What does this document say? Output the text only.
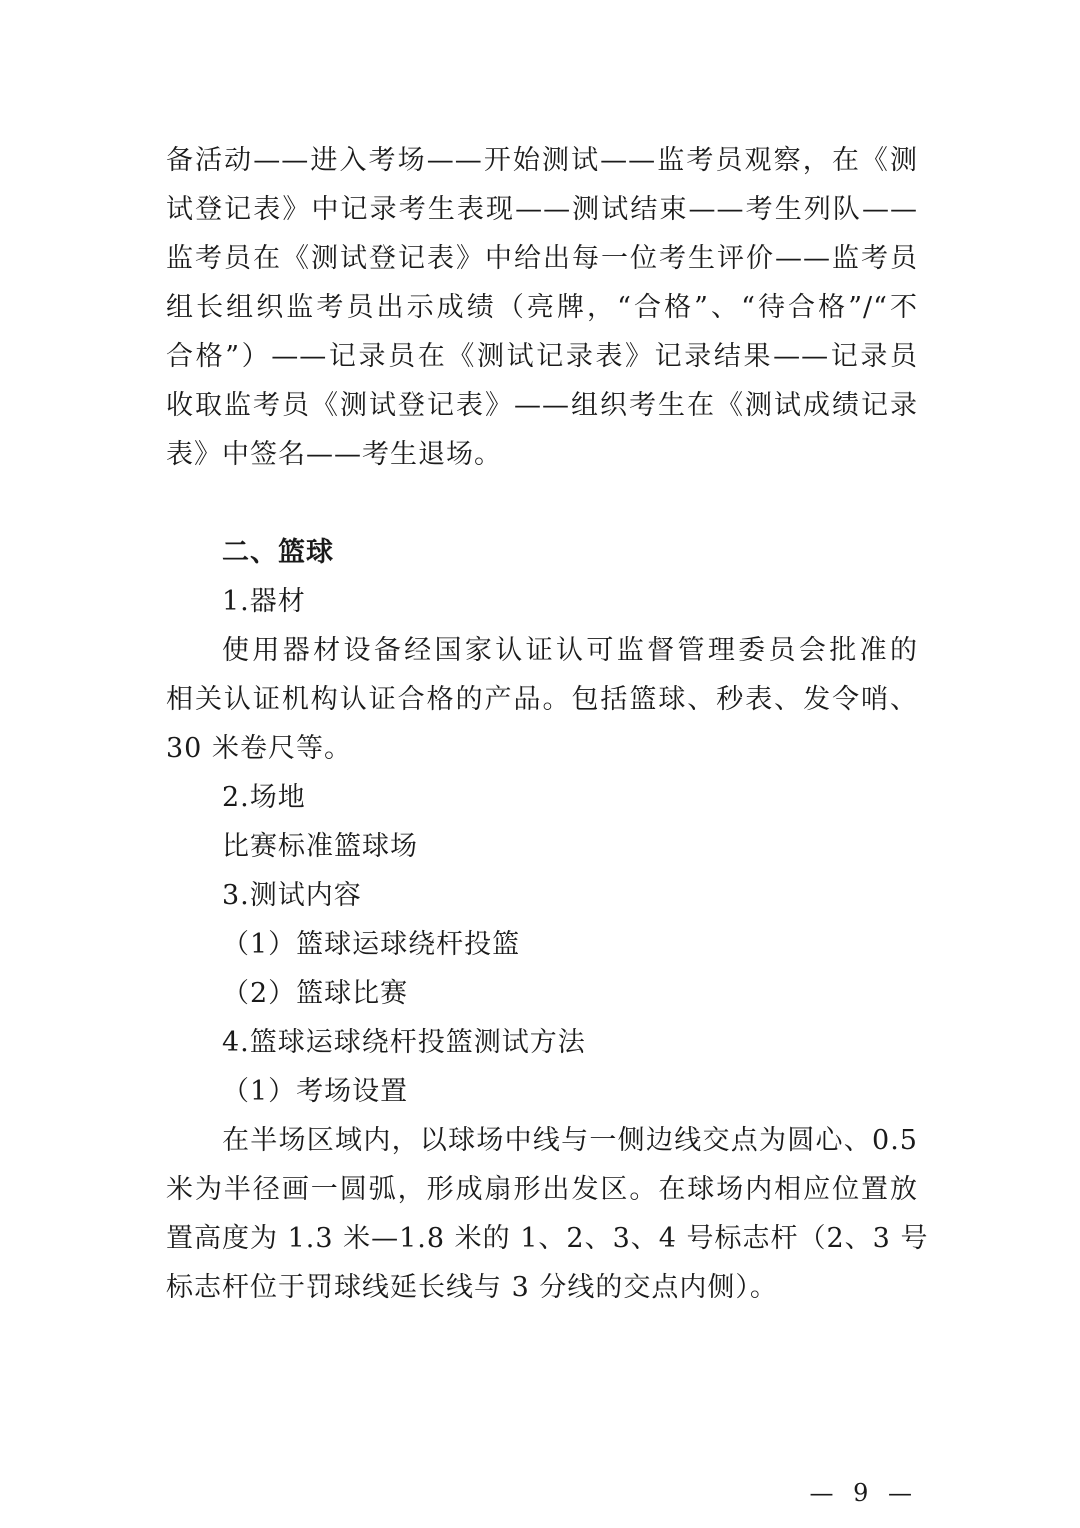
备活动——进入考场——开始测试——监考员观察，在《测
试登记表》中记录考生表现——测试结束——考生列队——
监考员在《测试登记表》中给出每一位考生评价——监考员
组长组织监考员出示成绩（亮牌，“合格”、“待合格”/“不
合格”）——记录员在《测试记录表》记录结果——记录员
收取监考员《测试登记表》——组织考生在《测试成绩记录
表》中签名——考生退场。
二、篮球
1.器材
使用器材设备经国家认证认可监督管理委员会批准的
相关认证机构认证合格的产品。包括篮球、秒表、发令哨、
30 米卷尺等。
2.场地
比赛标准篮球场
3.测试内容
（1）篮球运球绕杆投篮
（2）篮球比赛
4.篮球运球绕杆投篮测试方法
（1）考场设置
在半场区域内，以球场中线与一侧边线交点为圆心、0.5
米为半径画一圆弧，形成扇形出发区。在球场内相应位置放
置高度为 1.3 米—1.8 米的 1、2、3、4 号标志杆（2、3 号
标志杆位于罚球线延长线与 3 分线的交点内侧）。
— 9 —
